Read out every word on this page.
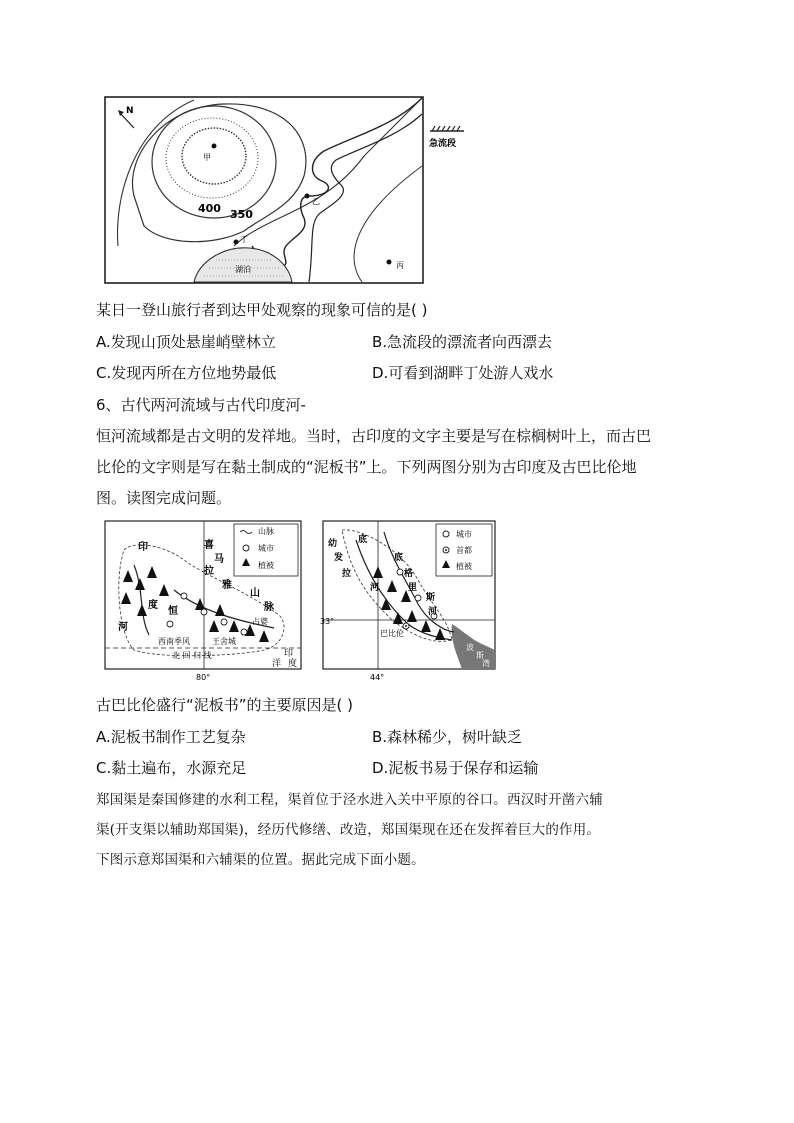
N
甲
乙
丁
丙
湖泊
400 350
急流段
某日一登山旅行者到达甲处观察的现象可信的是( )
A.发现山顶处悬崖峭壁林立	B.急流段的漂流者向西漂去
C.发现丙所在方位地势最低	D.可看到湖畔丁处游人戏水
6、古代两河流域与古代印度河-
恒河流域都是古文明的发祥地。当时，古印度的文字主要是写在棕榈树叶上，而古巴
比伦的文字则是写在黏土制成的“泥板书”上。下列两图分别为古印度及古巴比伦地
图。读图完成问题。
山脉
城市
植被
印
度
河
恒
喜
马
拉
雅
山
脉
占婆
西南季风	王舍城
北 回 归 线	印
度
洋
80°
城市
首都
植被
幼
发
拉
底
河
底
格
里
斯
河
巴比伦
波
斯
湾
33°
44°
古巴比伦盛行“泥板书”的主要原因是( )
A.泥板书制作工艺复杂	B.森林稀少，树叶缺乏
C.黏土遍布，水源充足	D.泥板书易于保存和运输
郑国渠是秦国修建的水利工程，渠首位于泾水进入关中平原的谷口。西汉时开凿六辅
渠(开支渠以辅助郑国渠)，经历代修缮、改造，郑国渠现在还在发挥着巨大的作用。
下图示意郑国渠和六辅渠的位置。据此完成下面小题。
